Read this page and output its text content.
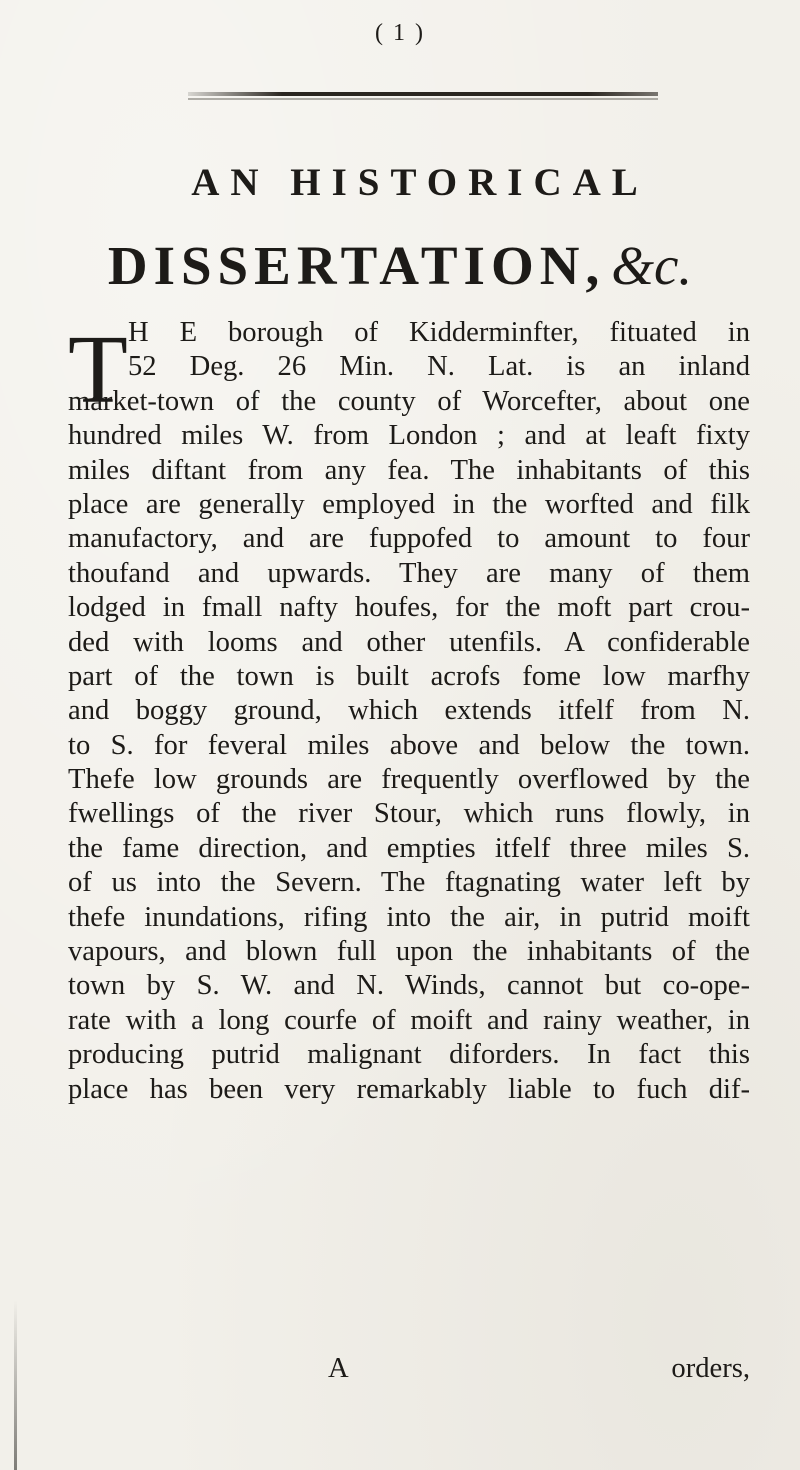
( 1 )
AN HISTORICAL
DISSERTATION, &c.
T H E borough of Kidderminfter, fituated in
52 Deg. 26 Min. N. Lat. is an inland
market-town of the county of Worcefter, about one
hundred miles W. from London ; and at leaft fixty
miles diftant from any fea. The inhabitants of this
place are generally employed in the worfted and filk
manufactory, and are fuppofed to amount to four
thoufand and upwards. They are many of them
lodged in fmall nafty houfes, for the moft part crou-
ded with looms and other utenfils. A confiderable
part of the town is built acrofs fome low marfhy
and boggy ground, which extends itfelf from N.
to S. for feveral miles above and below the town.
Thefe low grounds are frequently overflowed by the
fwellings of the river Stour, which runs flowly, in
the fame direction, and empties itfelf three miles S.
of us into the Severn. The ftagnating water left by
thefe inundations, rifing into the air, in putrid moift
vapours, and blown full upon the inhabitants of the
town by S. W. and N. Winds, cannot but co-ope-
rate with a long courfe of moift and rainy weather, in
producing putrid malignant diforders. In fact this
place has been very remarkably liable to fuch dif-
A	orders,
